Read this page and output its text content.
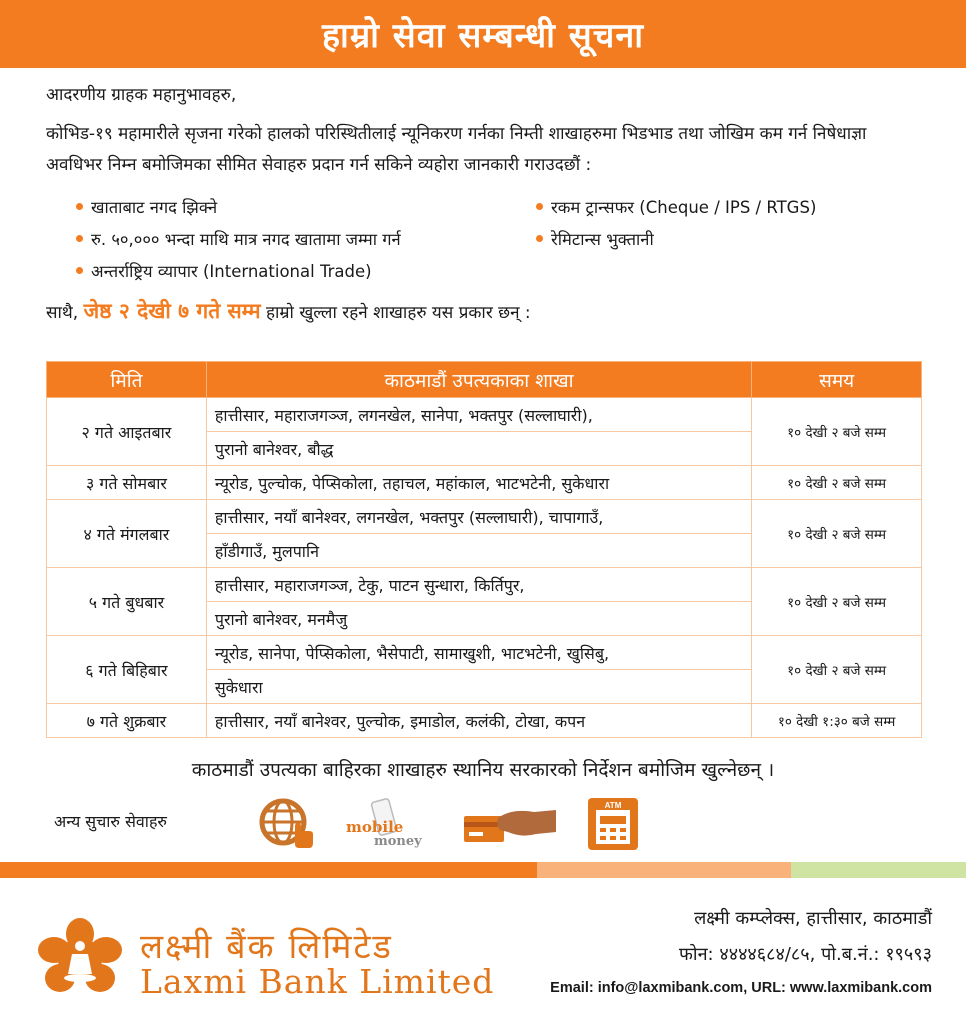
हाम्रो सेवा सम्बन्धी सूचना

आदरणीय ग्राहक महानुभावहरु,

कोभिड-१९ महामारीले सृजना गरेको हालको परिस्थितीलाई न्यूनिकरण गर्नका निम्ती शाखाहरुमा भिडभाड तथा जोखिम कम गर्न निषेधाज्ञा अवधिभर निम्न बमोजिमका सीमित सेवाहरु प्रदान गर्न सकिने व्यहोरा जानकारी गराउदछौं :

खाताबाट नगद झिक्ने	रकम ट्रान्सफर (Cheque / IPS / RTGS)
रु. ५०,००० भन्दा माथि मात्र नगद खातामा जम्मा गर्न	रेमिटान्स भुक्तानी
अन्तर्राष्ट्रिय व्यापार (International Trade)

साथै, जेष्ठ २ देखी ७ गते सम्म हाम्रो खुल्ला रहने शाखाहरु यस प्रकार छन् :

मिति	काठमाडौं उपत्यकाका शाखा	समय
२ गते आइतबार	हात्तीसार, महाराजगञ्ज, लगनखेल, सानेपा, भक्तपुर (सल्लाघारी),	१० देखी २ बजे सम्म
	पुरानो बानेश्वर, बौद्ध	
३ गते सोमबार	न्यूरोड, पुल्चोक, पेप्सिकोला, तहाचल, महांकाल, भाटभटेनी, सुकेधारा	१० देखी २ बजे सम्म
४ गते मंगलबार	हात्तीसार, नयाँ बानेश्वर, लगनखेल, भक्तपुर (सल्लाघारी), चापागाउँ,	१० देखी २ बजे सम्म
	हाँडीगाउँ, मुलपानि	
५ गते बुधबार	हात्तीसार, महाराजगञ्ज, टेकु, पाटन सुन्धारा, किर्तिपुर,	१० देखी २ बजे सम्म
	पुरानो बानेश्वर, मनमैजु	
६ गते बिहिबार	न्यूरोड, सानेपा, पेप्सिकोला, भैसेपाटी, सामाखुशी, भाटभटेनी, खुसिबु,	१० देखी २ बजे सम्म
	सुकेधारा	
७ गते शुक्रबार	हात्तीसार, नयाँ बानेश्वर, पुल्चोक, इमाडोल, कलंकी, टोखा, कपन	१० देखी १:३० बजे सम्म

काठमाडौं उपत्यका बाहिरका शाखाहरु स्थानिय सरकारको निर्देशन बमोजिम खुल्नेछन् ।

अन्य सुचारु सेवाहरु	mobile
money
ATM

लक्ष्मी बैंक लिमिटेड

Laxmi Bank Limited

लक्ष्मी कम्प्लेक्स, हात्तीसार, काठमाडौं

फोन: ४४४४६८४/८५, पो.ब.नं.: १९५९३

Email: info@laxmibank.com, URL: www.laxmibank.com
